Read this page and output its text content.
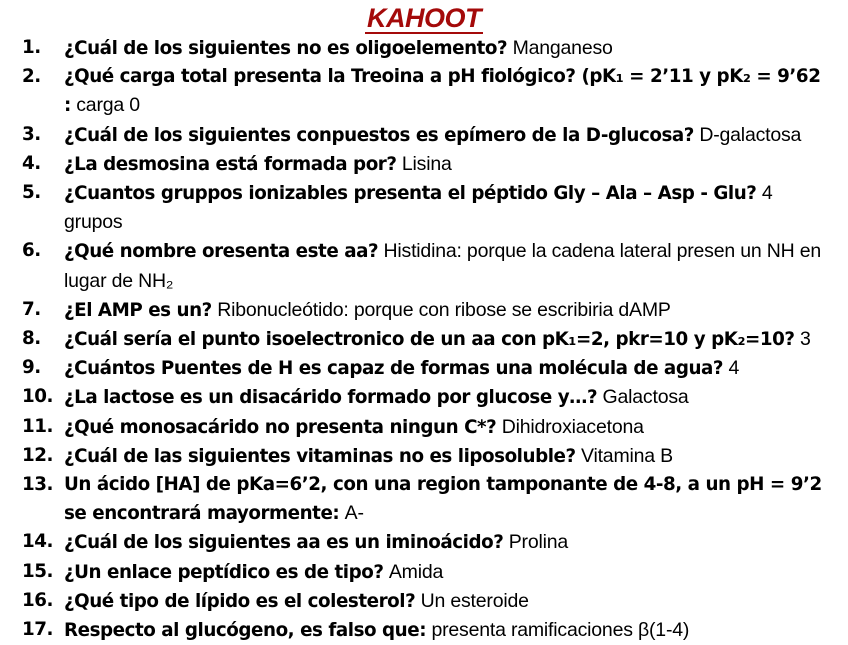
KAHOOT
1. ¿Cuál de los siguientes no es oligoelemento? Manganeso
2. ¿Qué carga total presenta la Treoina a pH fiológico? (pK₁ = 2’11 y pK₂ = 9’62 : carga 0
3. ¿Cuál de los siguientes conpuestos es epímero de la D-glucosa? D-galactosa
4. ¿La desmosina está formada por? Lisina
5. ¿Cuantos gruppos ionizables presenta el péptido Gly – Ala – Asp - Glu? 4 grupos
6. ¿Qué nombre oresenta este aa? Histidina: porque la cadena lateral presen un NH en lugar de NH₂
7. ¿El AMP es un? Ribonucleótido: porque con ribose se escribiria dAMP
8. ¿Cuál sería el punto isoelectronico de un aa con pK₁=2, pkr=10 y pK₂=10? 3
9. ¿Cuántos Puentes de H es capaz de formas una molécula de agua? 4
10. ¿La lactose es un disacárido formado por glucose y…? Galactosa
11. ¿Qué monosacárido no presenta ningun C*? Dihidroxiacetona
12. ¿Cuál de las siguientes vitaminas no es liposoluble? Vitamina B
13. Un ácido [HA] de pKa=6’2, con una region tamponante de 4-8, a un pH = 9’2 se encontrará mayormente: A-
14. ¿Cuál de los siguientes aa es un iminoácido? Prolina
15. ¿Un enlace peptídico es de tipo? Amida
16. ¿Qué tipo de lípido es el colesterol? Un esteroide
17. Respecto al glucógeno, es falso que: presenta ramificaciones β(1-4)
